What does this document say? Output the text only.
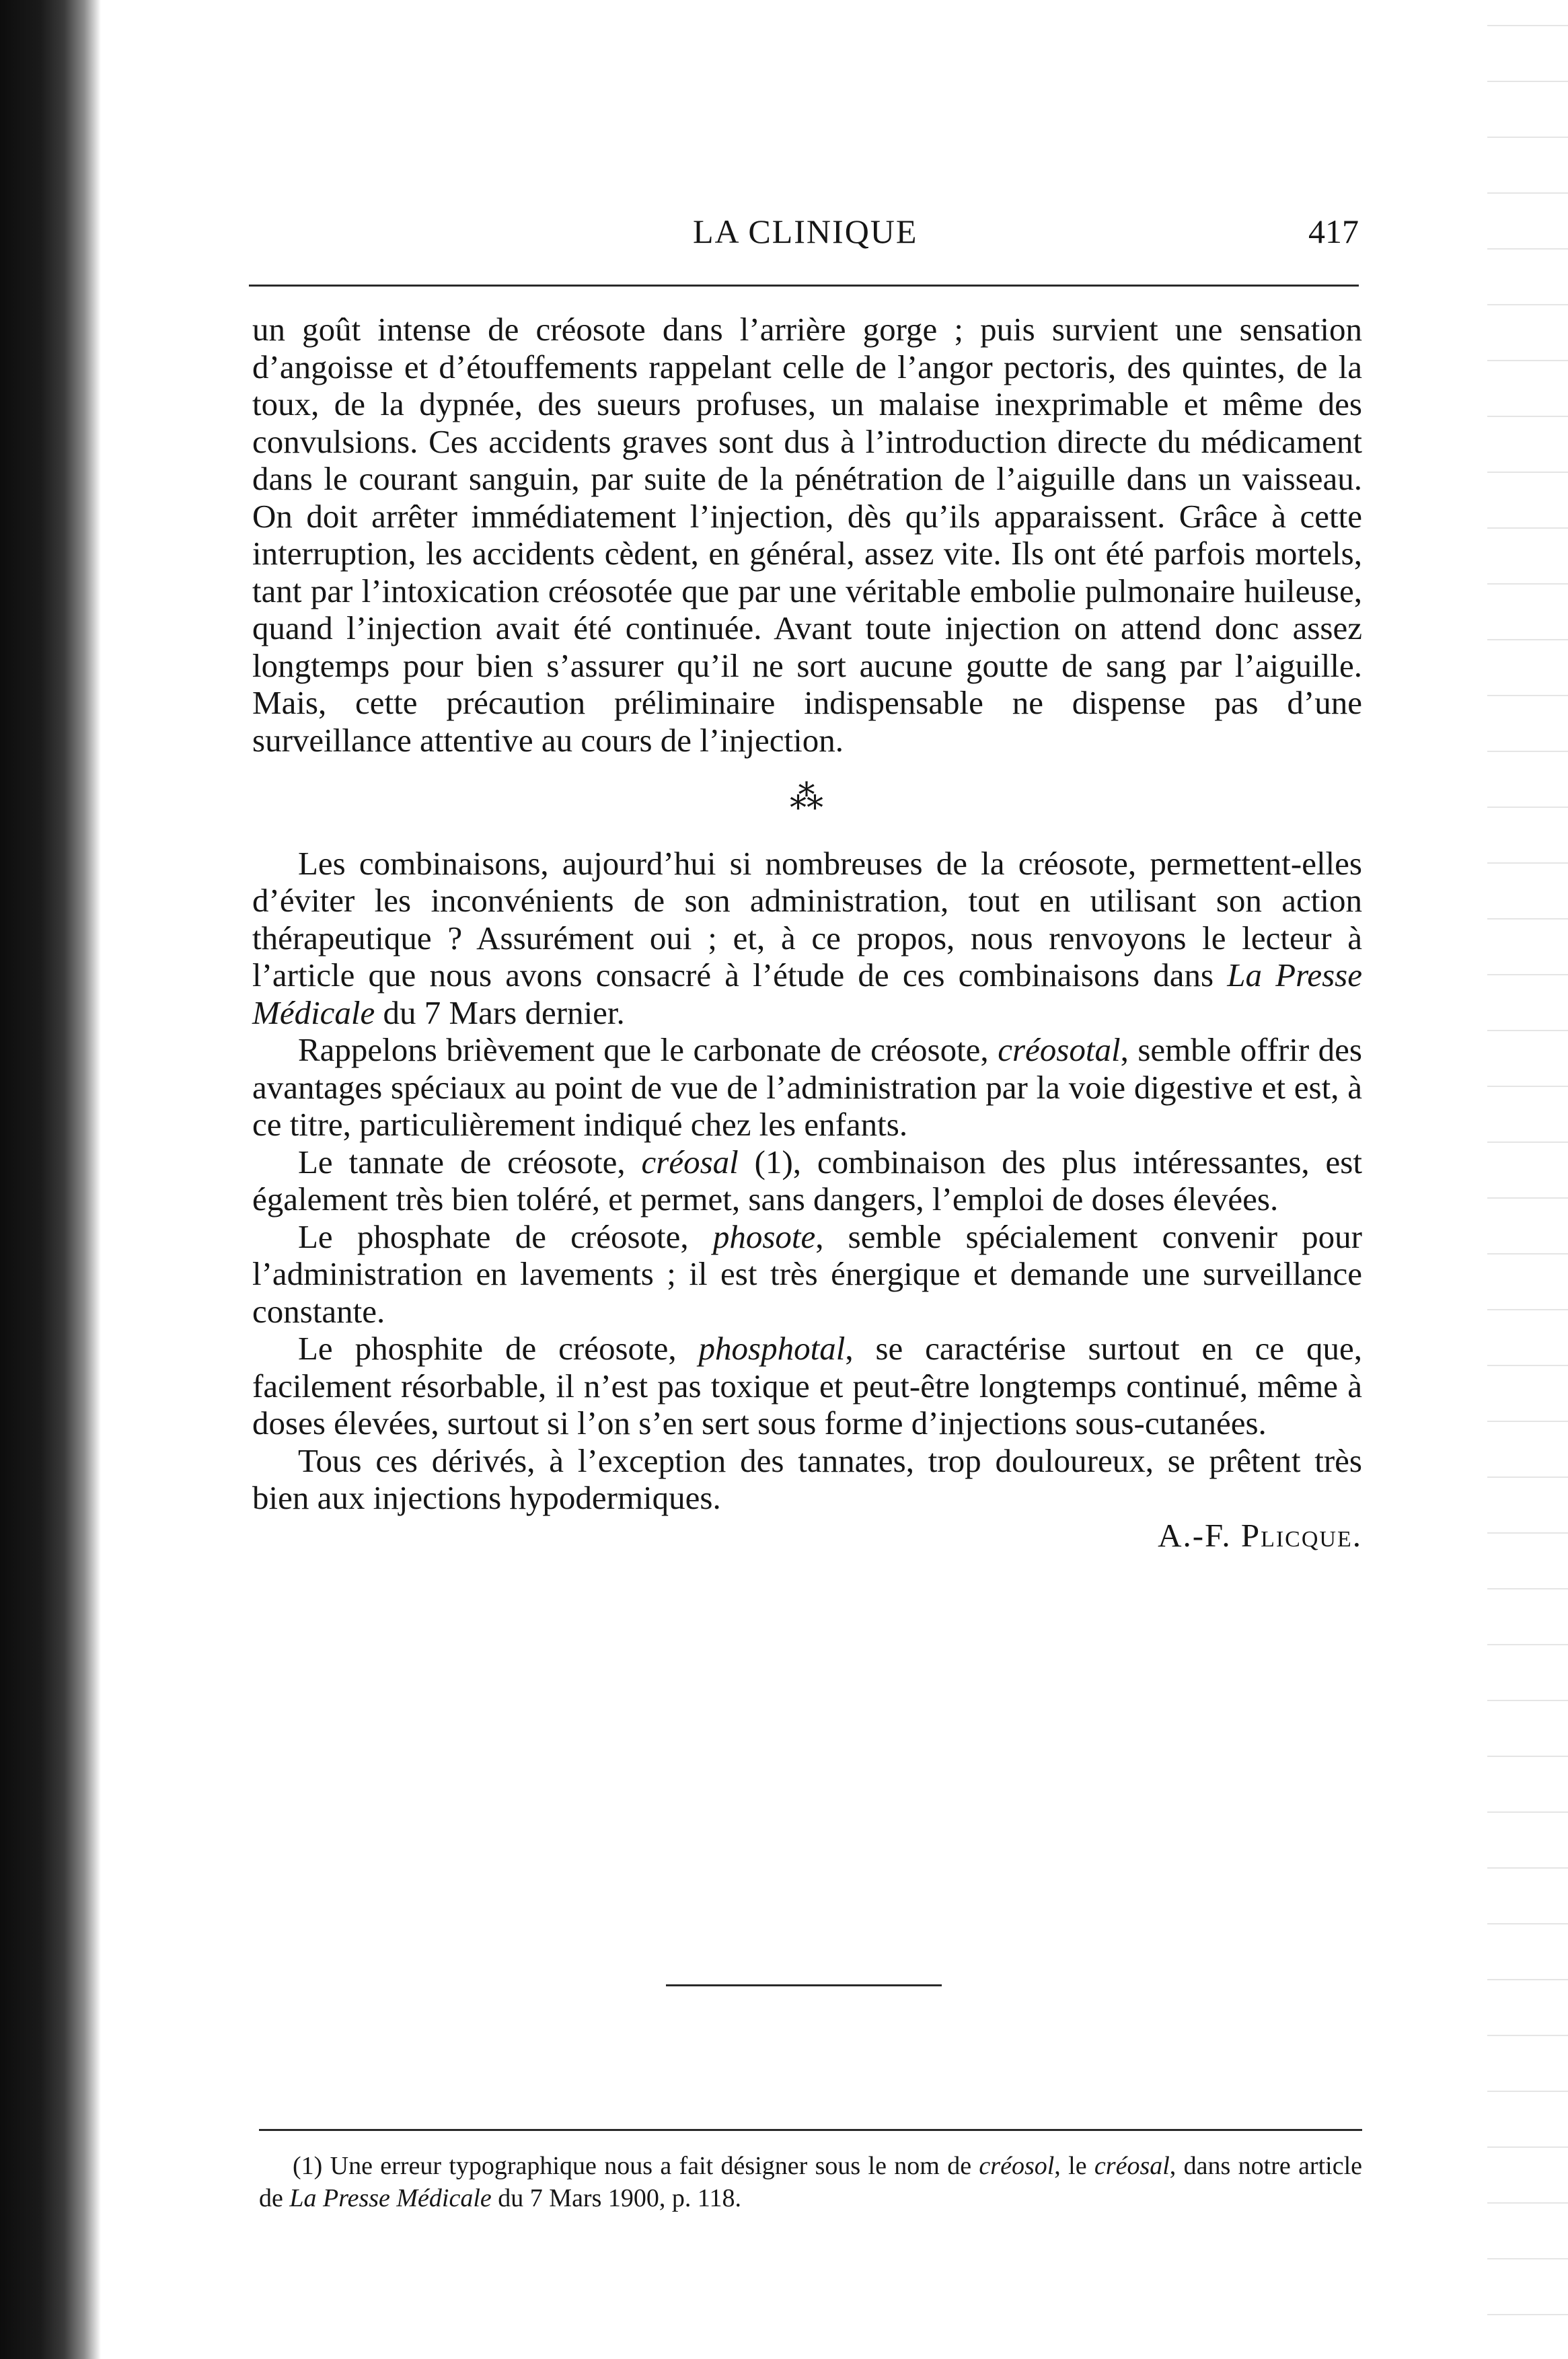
LA CLINIQUE	417

un goût intense de créosote dans l’arrière gorge ; puis survient une sensation d’angoisse et d’étouffements rappelant celle de l’angor pectoris, des quintes, de la toux, de la dypnée, des sueurs profuses, un malaise inexprimable et même des convulsions. Ces accidents graves sont dus à l’introduction directe du médicament dans le courant sanguin, par suite de la pénétration de l’aiguille dans un vaisseau. On doit arrêter immédiatement l’injection, dès qu’ils apparaissent. Grâce à cette interruption, les accidents cèdent, en général, assez vite. Ils ont été parfois mortels, tant par l’intoxication créosotée que par une véritable embolie pulmonaire huileuse, quand l’injection avait été continuée. Avant toute injection on attend donc assez longtemps pour bien s’assurer qu’il ne sort aucune goutte de sang par l’aiguille. Mais, cette précaution préliminaire indispensable ne dispense pas d’une surveillance attentive au cours de l’injection.

⁂

Les combinaisons, aujourd’hui si nombreuses de la créosote, permettent-elles d’éviter les inconvénients de son administration, tout en utilisant son action thérapeutique ? Assurément oui ; et, à ce propos, nous renvoyons le lecteur à l’article que nous avons consacré à l’étude de ces combinaisons dans La Presse Médicale du 7 Mars dernier.

Rappelons brièvement que le carbonate de créosote, créosotal, semble offrir des avantages spéciaux au point de vue de l’administration par la voie digestive et est, à ce titre, particulièrement indiqué chez les enfants.

Le tannate de créosote, créosal (1), combinaison des plus intéressantes, est également très bien toléré, et permet, sans dangers, l’emploi de doses élevées.

Le phosphate de créosote, phosote, semble spécialement convenir pour l’administration en lavements ; il est très énergique et demande une surveillance constante.

Le phosphite de créosote, phosphotal, se caractérise surtout en ce que, facilement résorbable, il n’est pas toxique et peut-être longtemps continué, même à doses élevées, surtout si l’on s’en sert sous forme d’injections sous-cutanées.

Tous ces dérivés, à l’exception des tannates, trop douloureux, se prêtent très bien aux injections hypodermiques.

A.-F. Plicque.

(1) Une erreur typographique nous a fait désigner sous le nom de créosol, le créosal, dans notre article de La Presse Médicale du 7 Mars 1900, p. 118.
